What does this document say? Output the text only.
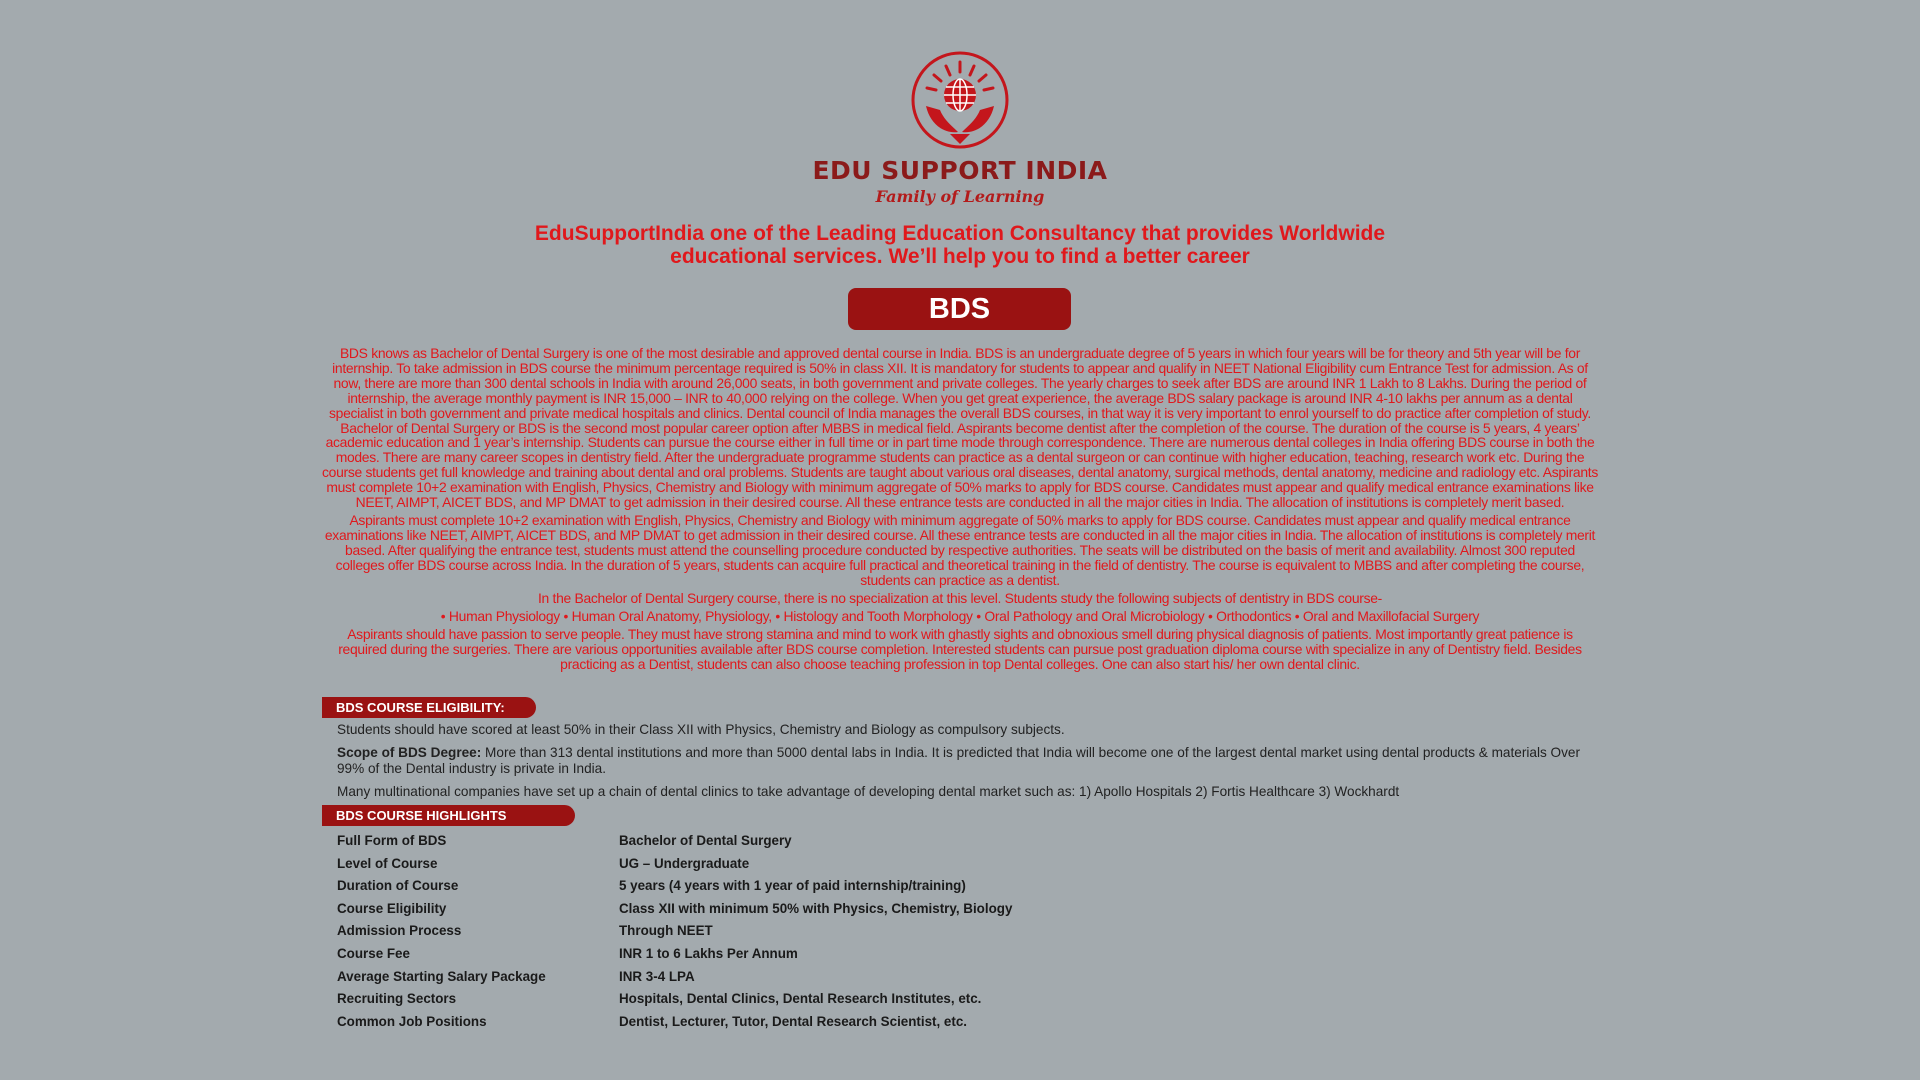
EDU SUPPORT INDIA
Family of Learning
EduSupportIndia one of the Leading Education Consultancy that provides Worldwide
educational services. We’ll help you to find a better career
BDS

BDS knows as Bachelor of Dental Surgery is one of the most desirable and approved dental course in India. BDS is an undergraduate degree of 5 years in which four years will be for theory and 5th year will be for internship. To take admission in BDS course the minimum percentage required is 50% in class XII. It is mandatory for students to appear and qualify in NEET National Eligibility cum Entrance Test for admission. As of now, there are more than 300 dental schools in India with around 26,000 seats, in both government and private colleges. The yearly charges to seek after BDS are around INR 1 Lakh to 8 Lakhs. During the period of internship, the average monthly payment is INR 15,000 – INR to 40,000 relying on the college. When you get great experience, the average BDS salary package is around INR 4-10 lakhs per annum as a dental specialist in both government and private medical hospitals and clinics. Dental council of India manages the overall BDS courses, in that way it is very important to enrol yourself to do practice after completion of study. Bachelor of Dental Surgery or BDS is the second most popular career option after MBBS in medical field. Aspirants become dentist after the completion of the course. The duration of the course is 5 years, 4 years’ academic education and 1 year’s internship. Students can pursue the course either in full time or in part time mode through correspondence. There are numerous dental colleges in India offering BDS course in both the modes. There are many career scopes in dentistry field. After the undergraduate programme students can practice as a dental surgeon or can continue with higher education, teaching, research work etc. During the course students get full knowledge and training about dental and oral problems. Students are taught about various oral diseases, dental anatomy, surgical methods, dental anatomy, medicine and radiology etc. Aspirants must complete 10+2 examination with English, Physics, Chemistry and Biology with minimum aggregate of 50% marks to apply for BDS course. Candidates must appear and qualify medical entrance examinations like NEET, AIMPT, AICET BDS, and MP DMAT to get admission in their desired course. All these entrance tests are conducted in all the major cities in India. The allocation of institutions is completely merit based.

Aspirants must complete 10+2 examination with English, Physics, Chemistry and Biology with minimum aggregate of 50% marks to apply for BDS course. Candidates must appear and qualify medical entrance examinations like NEET, AIMPT, AICET BDS, and MP DMAT to get admission in their desired course. All these entrance tests are conducted in all the major cities in India. The allocation of institutions is completely merit based. After qualifying the entrance test, students must attend the counselling procedure conducted by respective authorities. The seats will be distributed on the basis of merit and availability. Almost 300 reputed colleges offer BDS course across India. In the duration of 5 years, students can acquire full practical and theoretical training in the field of dentistry. The course is equivalent to MBBS and after completing the course, students can practice as a dentist.

In the Bachelor of Dental Surgery course, there is no specialization at this level. Students study the following subjects of dentistry in BDS course-

• Human Physiology • Human Oral Anatomy, Physiology, • Histology and Tooth Morphology • Oral Pathology and Oral Microbiology • Orthodontics • Oral and Maxillofacial Surgery

Aspirants should have passion to serve people. They must have strong stamina and mind to work with ghastly sights and obnoxious smell during physical diagnosis of patients. Most importantly great patience is required during the surgeries. There are various opportunities available after BDS course completion. Interested students can pursue post graduation diploma course with specialize in any of Dentistry field. Besides practicing as a Dentist, students can also choose teaching profession in top Dental colleges. One can also start his/ her own dental clinic.

BDS COURSE ELIGIBILITY:

Students should have scored at least 50% in their Class XII with Physics, Chemistry and Biology as compulsory subjects.

Scope of BDS Degree: More than 313 dental institutions and more than 5000 dental labs in India. It is predicted that India will become one of the largest dental market using dental products & materials Over 99% of the Dental industry is private in India.

Many multinational companies have set up a chain of dental clinics to take advantage of developing dental market such as: 1) Apollo Hospitals 2) Fortis Healthcare 3) Wockhardt

BDS COURSE HIGHLIGHTS
Full Form of BDS	Bachelor of Dental Surgery
Level of Course	UG – Undergraduate
Duration of Course	5 years (4 years with 1 year of paid internship/training)
Course Eligibility	Class XII with minimum 50% with Physics, Chemistry, Biology
Admission Process	Through NEET
Course Fee	INR 1 to 6 Lakhs Per Annum
Average Starting Salary Package	INR 3-4 LPA
Recruiting Sectors	Hospitals, Dental Clinics, Dental Research Institutes, etc.
Common Job Positions	Dentist, Lecturer, Tutor, Dental Research Scientist, etc.
